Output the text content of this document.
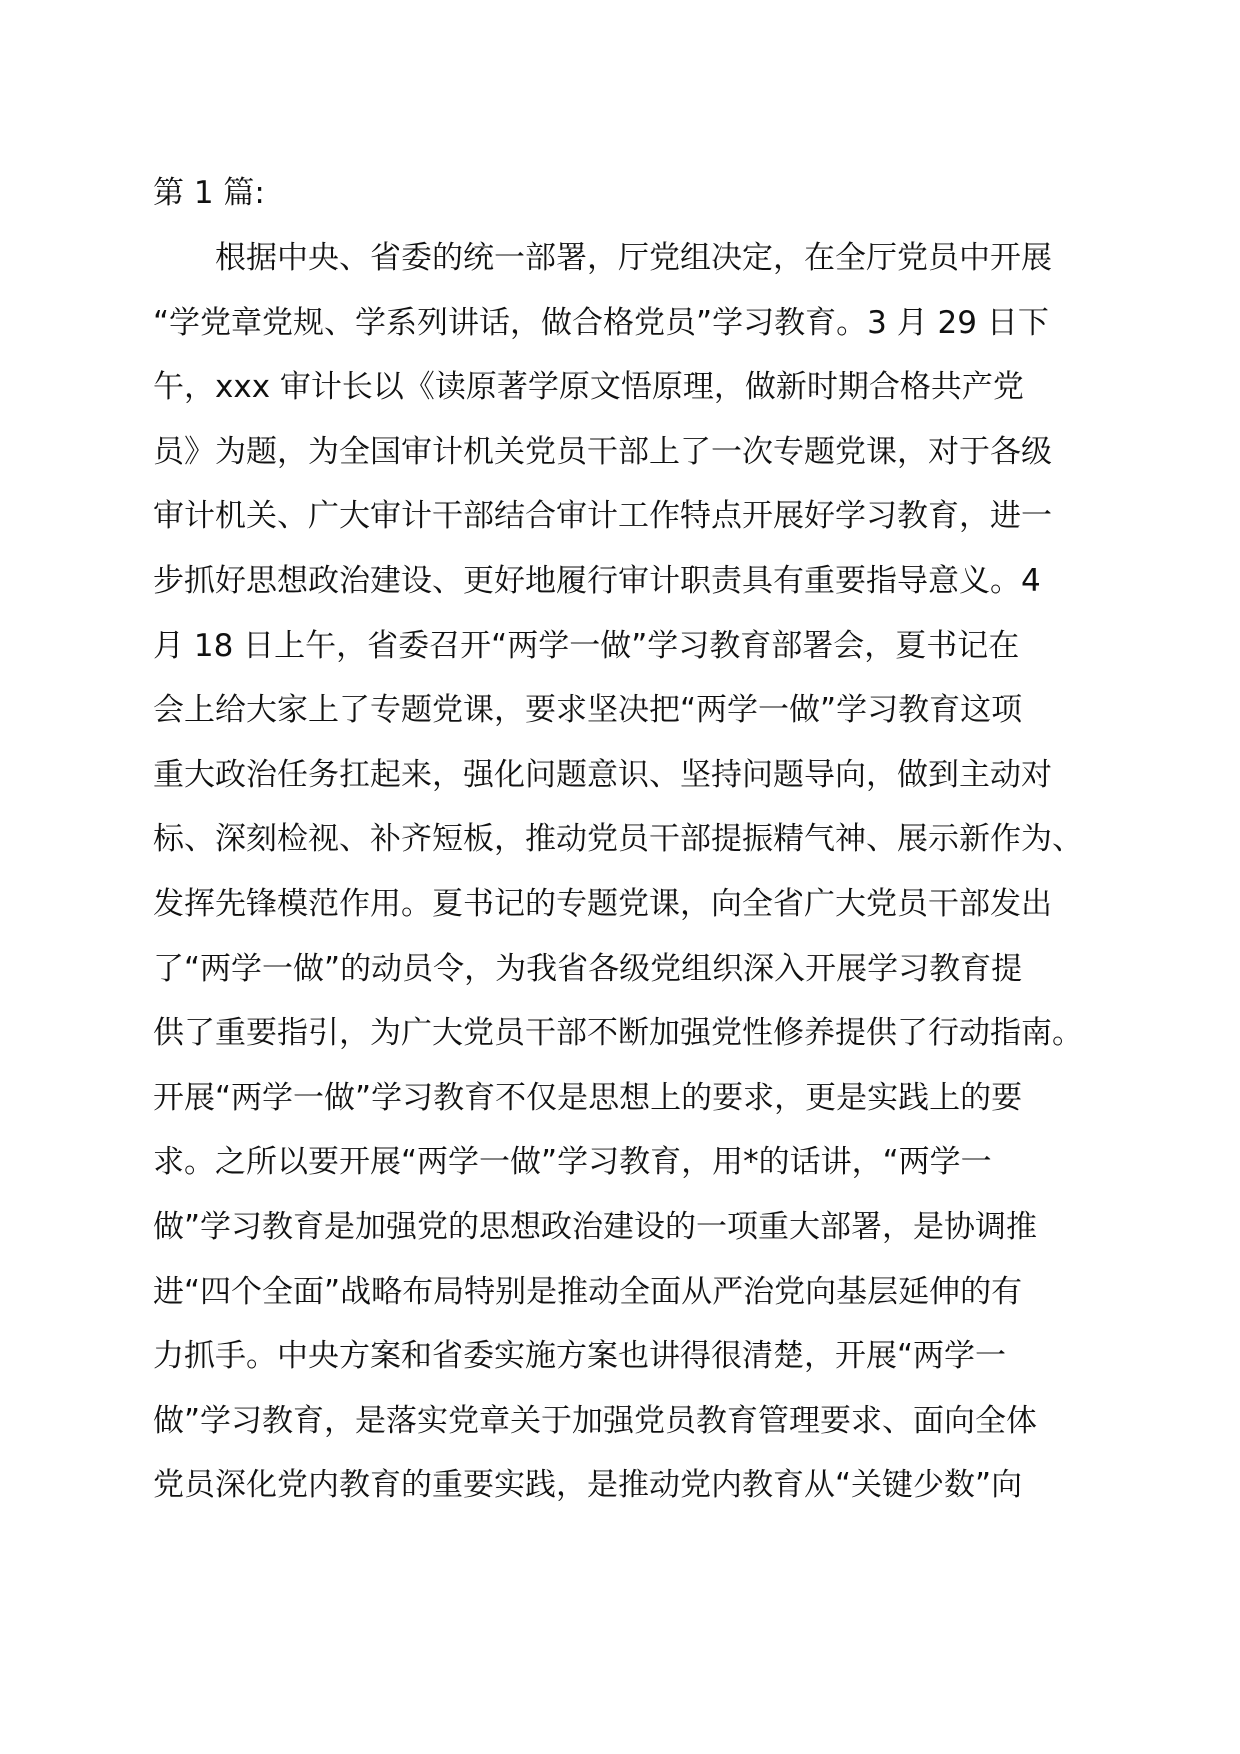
第 1 篇:
根据中央、省委的统一部署，厅党组决定，在全厅党员中开展
“学党章党规、学系列讲话，做合格党员”学习教育。3 月 29 日下
午，xxx 审计长以《读原著学原文悟原理，做新时期合格共产党
员》为题，为全国审计机关党员干部上了一次专题党课，对于各级
审计机关、广大审计干部结合审计工作特点开展好学习教育，进一
步抓好思想政治建设、更好地履行审计职责具有重要指导意义。4
月 18 日上午，省委召开“两学一做”学习教育部署会，夏书记在
会上给大家上了专题党课，要求坚决把“两学一做”学习教育这项
重大政治任务扛起来，强化问题意识、坚持问题导向，做到主动对
标、深刻检视、补齐短板，推动党员干部提振精气神、展示新作为、
发挥先锋模范作用。夏书记的专题党课，向全省广大党员干部发出
了“两学一做”的动员令，为我省各级党组织深入开展学习教育提
供了重要指引，为广大党员干部不断加强党性修养提供了行动指南。
开展“两学一做”学习教育不仅是思想上的要求，更是实践上的要
求。之所以要开展“两学一做”学习教育，用*的话讲，“两学一
做”学习教育是加强党的思想政治建设的一项重大部署，是协调推
进“四个全面”战略布局特别是推动全面从严治党向基层延伸的有
力抓手。中央方案和省委实施方案也讲得很清楚，开展“两学一
做”学习教育，是落实党章关于加强党员教育管理要求、面向全体
党员深化党内教育的重要实践，是推动党内教育从“关键少数”向
